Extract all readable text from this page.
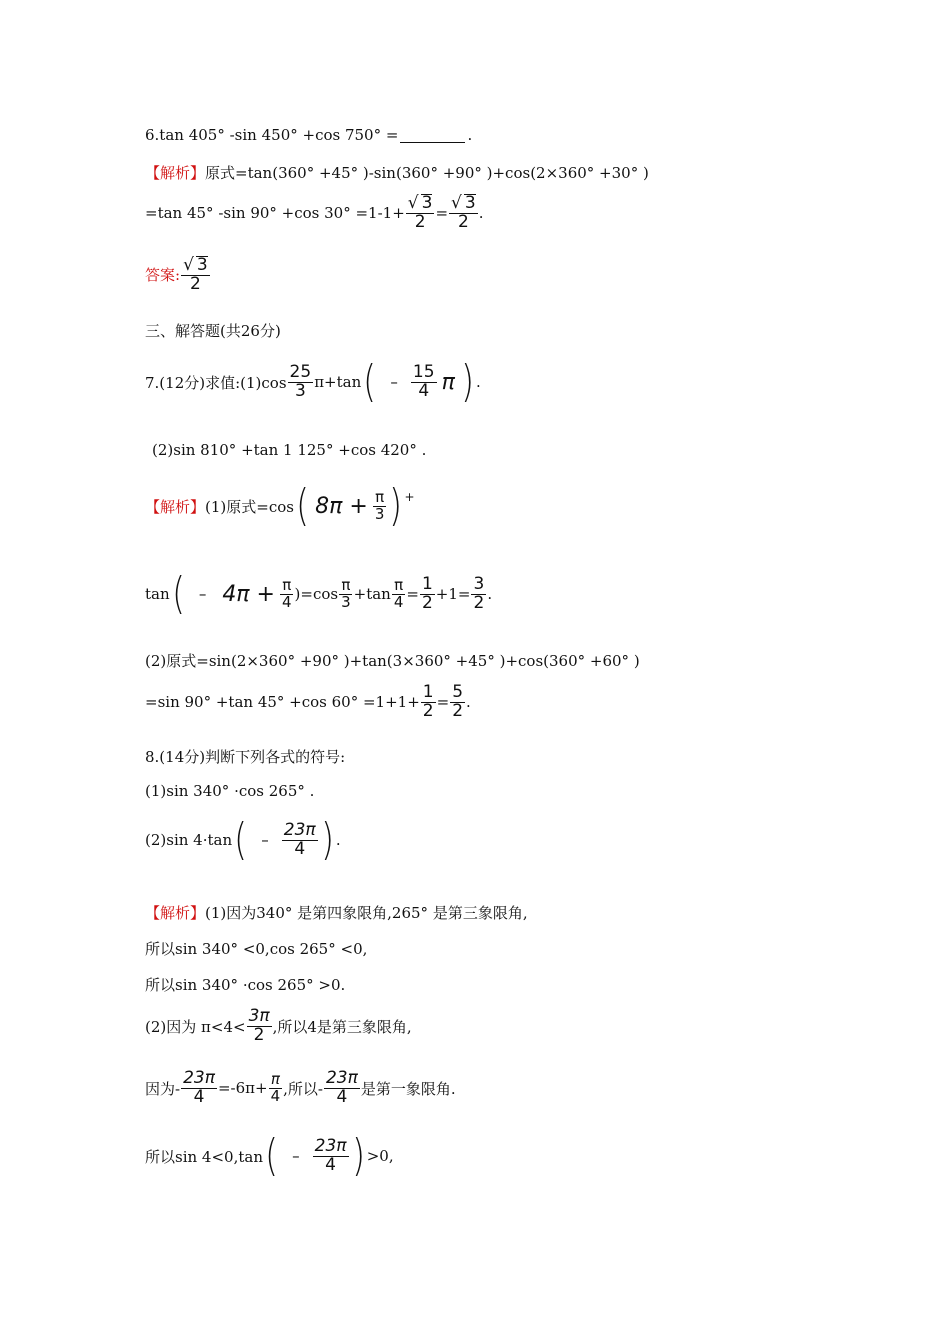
6.tan 405° -sin 450° +cos 750° =	.
【解析】 原式=tan(360° +45° )-sin(360° +90° )+cos(2×360° +30° )
=tan 45° -sin 90° +cos $30^\circ =1-1+ \frac{√ 3}{2} = \frac{√ 3}{2}$ .
答案: $\frac{√ 3}{2}$
三、解答题(共26分)
7.(12分)求值:(1)cos $\frac{25}{3}$ π +tan ( – $\frac{15}{4}$ π ) .
(2)sin 810° +tan 1 125° +cos 420° .
【解析】 (1)原式=cos ( $8\pi + \frac{\pi}{3}$ ) +
tan ( – $4\pi + \frac{\pi}{4} )=\cos \frac{\pi}{3} +\tan \frac{\pi}{4} = \frac{1}{2} +1= \frac{3}{2}$ .
(2)原式=sin(2×360° +90° )+tan(3×360° +45° )+cos(360° +60° )
=sin 90° +tan 45° +cos $60^\circ =1+1+ \frac{1}{2} = \frac{5}{2}$ .
8.(14分)判断下列各式的符号:
(1)sin 340° ·cos 265° .
(2)sin 4·tan ( – $\frac{23\pi}{4}$ ) .
【解析】 (1)因为340° 是第四象限角,265° 是第三象限角,
所以sin 340° <0,cos 265° <0,
所以sin 340° ·cos 265° >0.
(2)因为 $\pi<4< \frac{3\pi}{2}$ ,所以4是第三象限角,
因为- $\frac{23\pi}{4} =-6\pi+ \frac{\pi}{4}$ ,所以- $\frac{23\pi}{4}$ 是第一象限角.
所以sin 4<0,tan ( – $\frac{23\pi}{4}$ ) >0,
